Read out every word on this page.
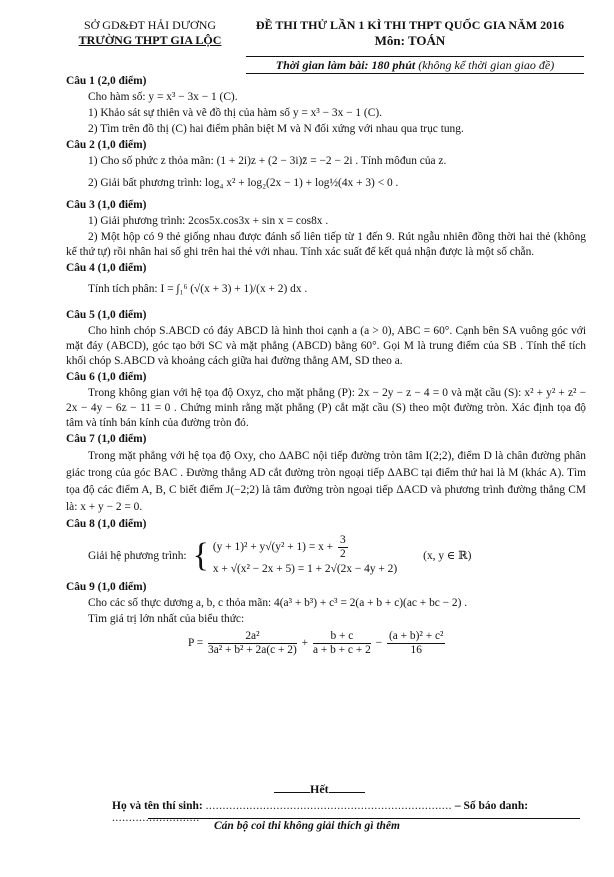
SỞ GD&ĐT HẢI DƯƠNG
TRƯỜNG THPT GIA LỘC
ĐỀ THI THỬ LẦN 1 KÌ THI THPT QUỐC GIA NĂM 2016
Môn: TOÁN
Thời gian làm bài: 180 phút (không kể thời gian giao đề)
Câu 1 (2,0 điểm)
Cho hàm số: y = x³ − 3x − 1 (C).
1) Khảo sát sự thiên và vẽ đồ thị của hàm số y = x³ − 3x − 1 (C).
2) Tìm trên đồ thị (C) hai điểm phân biệt M và N đối xứng với nhau qua trục tung.
Câu 2 (1,0 điểm)
1) Cho số phức z thỏa mãn: (1 + 2i)z + (2 − 3i)z̄ = −2 − 2i . Tính môđun của z.
2) Giải bất phương trình: log₄ x² + log₂(2x − 1) + log½(4x + 3) < 0 .
Câu 3 (1,0 điểm)
1) Giải phương trình: 2cos5x.cos3x + sin x = cos8x .
2) Một hộp có 9 thẻ giống nhau được đánh số liên tiếp từ 1 đến 9. Rút ngẫu nhiên đồng thời hai thẻ (không kể thứ tự) rồi nhân hai số ghi trên hai thẻ với nhau. Tính xác suất để kết quả nhận được là một số chẵn.
Câu 4 (1,0 điểm)
Tính tích phân: I = ∫₁⁶ (√(x + 3) + 1)/(x + 2) dx .
Câu 5 (1,0 điểm)
Cho hình chóp S.ABCD có đáy ABCD là hình thoi cạnh a (a > 0), ABC = 60°. Cạnh bên SA vuông góc với mặt đáy (ABCD), góc tạo bởi SC và mặt phẳng (ABCD) bằng 60°. Gọi M là trung điểm của SB . Tính thể tích khối chóp S.ABCD và khoảng cách giữa hai đường thẳng AM, SD theo a.
Câu 6 (1,0 điểm)
Trong không gian với hệ tọa độ Oxyz, cho mặt phẳng (P): 2x − 2y − z − 4 = 0 và mặt cầu (S): x² + y² + z² − 2x − 4y − 6z − 11 = 0 . Chứng minh rằng mặt phẳng (P) cắt mặt cầu (S) theo một đường tròn. Xác định tọa độ tâm và tính bán kính của đường tròn đó.
Câu 7 (1,0 điểm)
Trong mặt phẳng với hệ tọa độ Oxy, cho ΔABC nội tiếp đường tròn tâm I(2;2), điểm D là chân đường phân giác trong của góc BAC . Đường thẳng AD cắt đường tròn ngoại tiếp ΔABC tại điểm thứ hai là M (khác A). Tìm tọa độ các điểm A, B, C biết điểm J(−2;2) là tâm đường tròn ngoại tiếp ΔACD và phương trình đường thẳng CM là: x + y − 2 = 0.
Câu 8 (1,0 điểm)
Giải hệ phương trình: { $(y + 1)^2 + y√(y^2 + 1) = x + \frac{3}{2}$
x + √(x² − 2x + 5) = 1 + 2√(2x − 4y + 2)
(x, y ∈ ℝ)
Câu 9 (1,0 điểm)
Cho các số thực dương a, b, c thỏa mãn: 4(a³ + b³) + c³ = 2(a + b + c)(ac + bc − 2) .
Tìm giá trị lớn nhất của biểu thức:
$P = \frac{\text{2a²}}{\text{3a² + b² + 2a(c + 2)}} + \frac{b + c}{a + b + c + 2} - \frac{\text{(a + b)² + c²}}{16}$
Hết
Họ và tên thí sinh: ......................................................................... – Số báo danh: ..........................
Cán bộ coi thi không giải thích gì thêm
